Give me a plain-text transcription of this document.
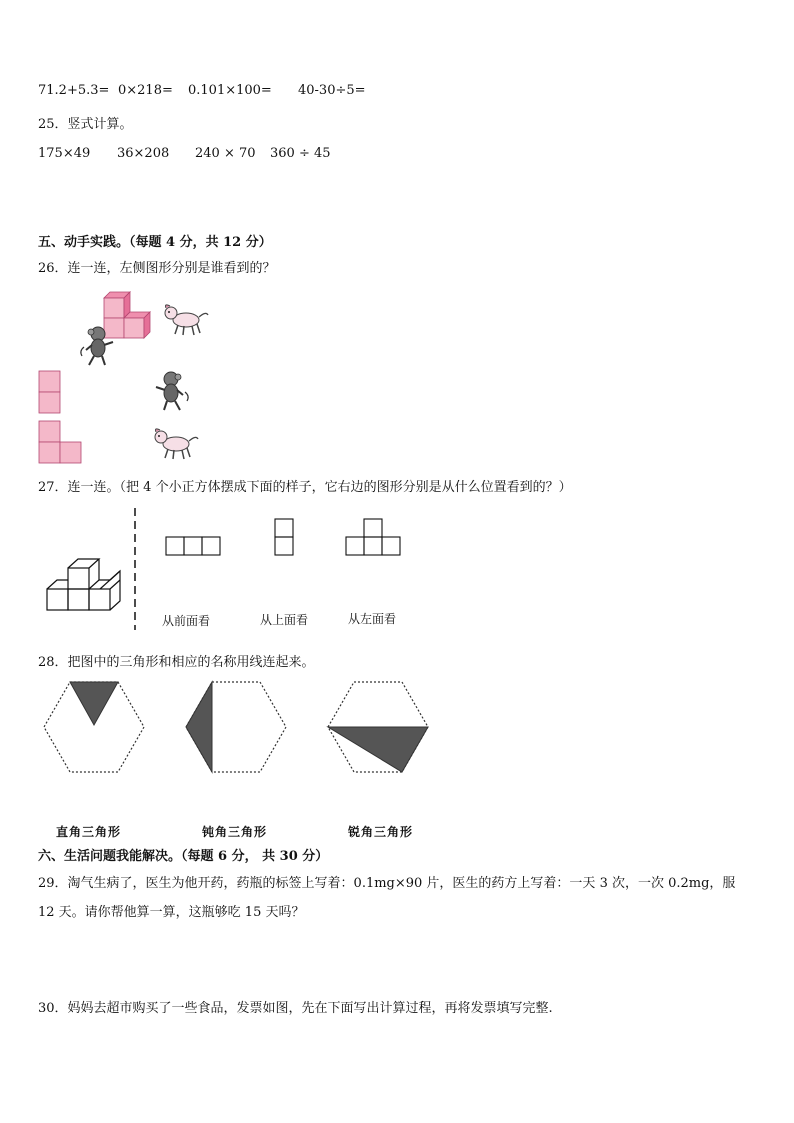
71.2+5.3= 0×218= 0.101×100= 40-30÷5=
25．竖式计算。
175×49 36×208 240 × 70 360 ÷ 45
五、动手实践。（每题 4 分，共 12 分）
26．连一连，左侧图形分别是谁看到的？
27．连一连。（把 4 个小正方体摆成下面的样子，它右边的图形分别是从什么位置看到的？）
从前面看	从上面看	从左面看
28．把图中的三角形和相应的名称用线连起来。
直角三角形	钝角三角形	锐角三角形
六、生活问题我能解决。（每题 6 分， 共 30 分）
29．淘气生病了，医生为他开药，药瓶的标签上写着：0.1mg×90 片，医生的药方上写着：一天 3 次，一次 0.2mg，服
12 天。请你帮他算一算，这瓶够吃 15 天吗？
30．妈妈去超市购买了一些食品，发票如图，先在下面写出计算过程，再将发票填写完整.
